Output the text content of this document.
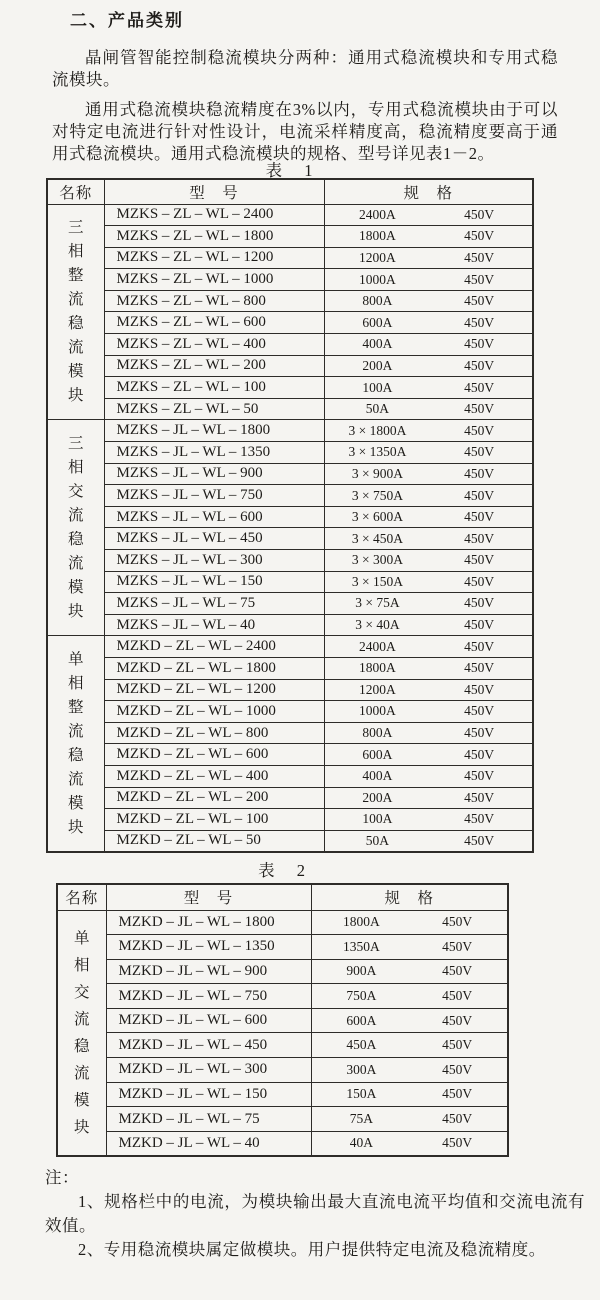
二、产品类别

晶闸管智能控制稳流模块分两种：通用式稳流模块和专用式稳流模块。

通用式稳流模块稳流精度在3%以内，专用式稳流模块由于可以对特定电流进行针对性设计，电流采样精度高，稳流精度要高于通用式稳流模块。通用式稳流模块的规格、型号详见表1－2。

表 1
名称	型　号	规　格

三相整流稳流模块	MZKS – ZL – WL – 2400	2400A 450V
	MZKS – ZL – WL – 1800	1800A 450V
	MZKS – ZL – WL – 1200	1200A 450V
	MZKS – ZL – WL – 1000	1000A 450V
	MZKS – ZL – WL – 800	800A 450V
	MZKS – ZL – WL – 600	600A 450V
	MZKS – ZL – WL – 400	400A 450V
	MZKS – ZL – WL – 200	200A 450V
	MZKS – ZL – WL – 100	100A 450V
	MZKS – ZL – WL – 50	50A 450V

三相交流稳流模块	MZKS – JL – WL – 1800	3 × 1800A 450V
	MZKS – JL – WL – 1350	3 × 1350A 450V
	MZKS – JL – WL – 900	3 × 900A 450V
	MZKS – JL – WL – 750	3 × 750A 450V
	MZKS – JL – WL – 600	3 × 600A 450V
	MZKS – JL – WL – 450	3 × 450A 450V
	MZKS – JL – WL – 300	3 × 300A 450V
	MZKS – JL – WL – 150	3 × 150A 450V
	MZKS – JL – WL – 75	3 × 75A 450V
	MZKS – JL – WL – 40	3 × 40A 450V

单相整流稳流模块	MZKD – ZL – WL – 2400	2400A 450V
	MZKD – ZL – WL – 1800	1800A 450V
	MZKD – ZL – WL – 1200	1200A 450V
	MZKD – ZL – WL – 1000	1000A 450V
	MZKD – ZL – WL – 800	800A 450V
	MZKD – ZL – WL – 600	600A 450V
	MZKD – ZL – WL – 400	400A 450V
	MZKD – ZL – WL – 200	200A 450V
	MZKD – ZL – WL – 100	100A 450V
	MZKD – ZL – WL – 50	50A 450V
表 2
名称	型　号	规　格

单相交流稳流模块	MZKD – JL – WL – 1800	1800A 450V
	MZKD – JL – WL – 1350	1350A 450V
	MZKD – JL – WL – 900	900A 450V
	MZKD – JL – WL – 750	750A 450V
	MZKD – JL – WL – 600	600A 450V
	MZKD – JL – WL – 450	450A 450V
	MZKD – JL – WL – 300	300A 450V
	MZKD – JL – WL – 150	150A 450V
	MZKD – JL – WL – 75	75A 450V
	MZKD – JL – WL – 40	40A 450V
注：

1、规格栏中的电流，为模块输出最大直流电流平均值和交流电流有效值。

2、专用稳流模块属定做模块。用户提供特定电流及稳流精度。
